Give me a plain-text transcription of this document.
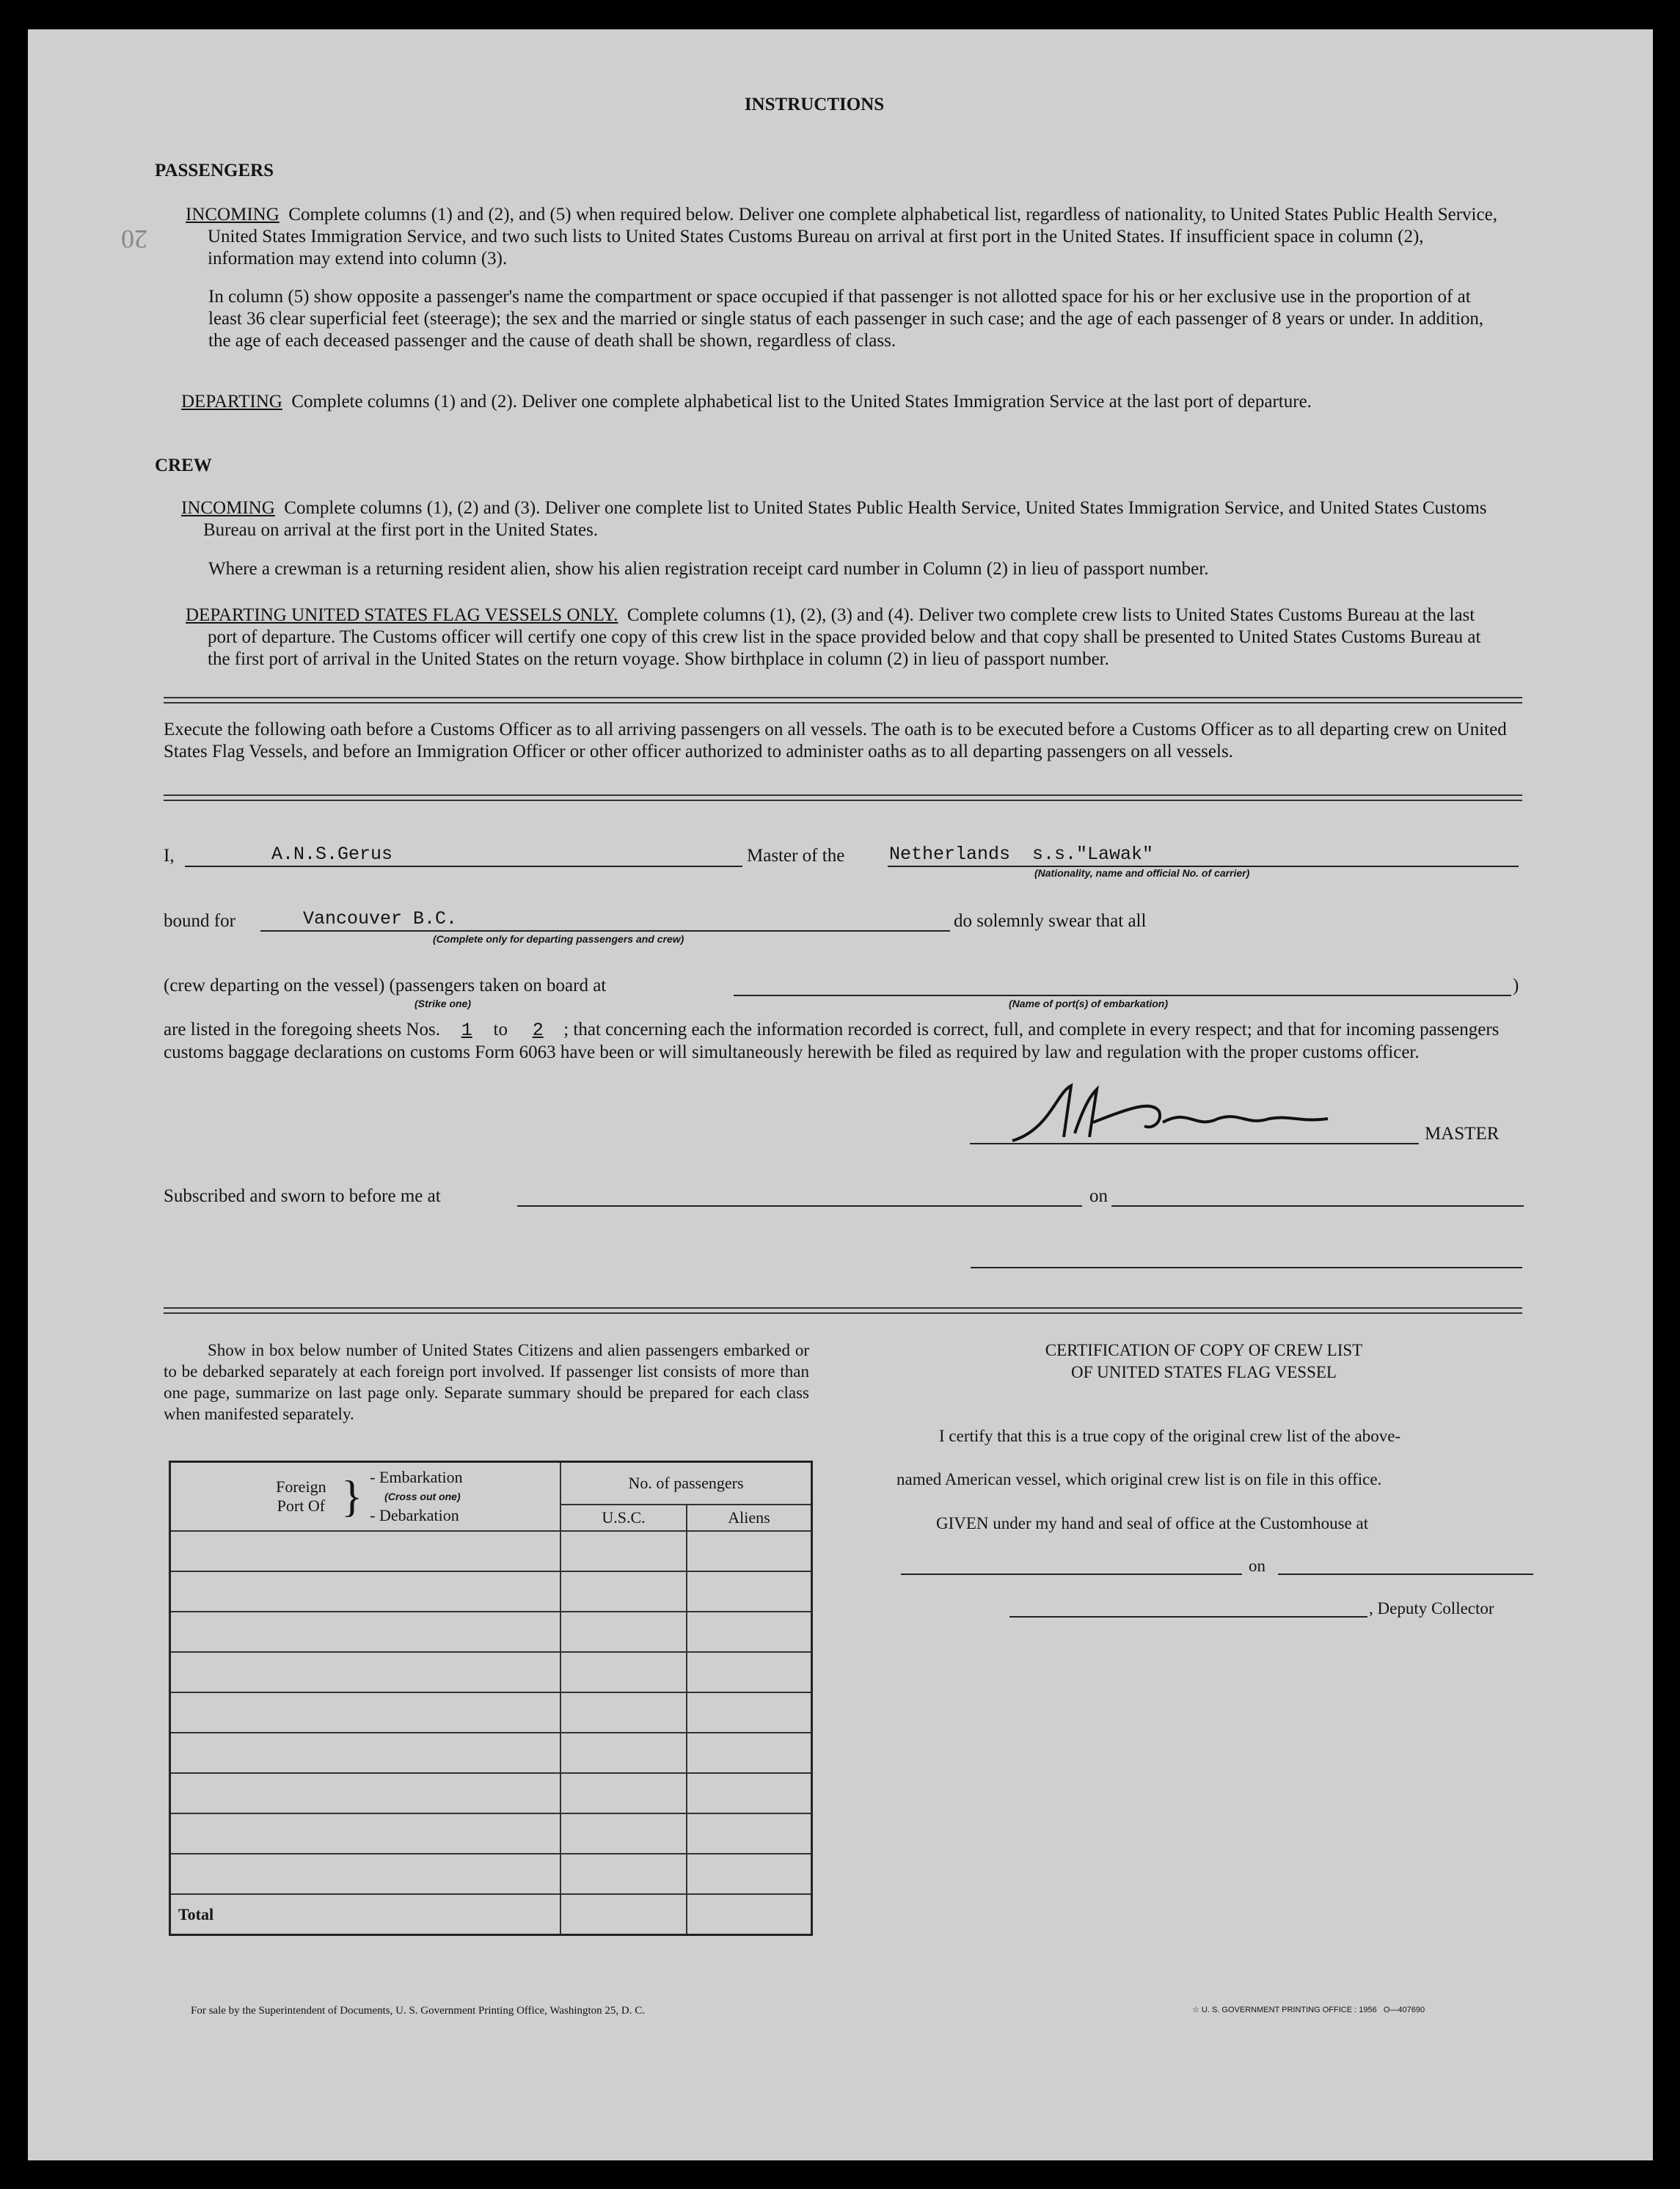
INSTRUCTIONS
20
PASSENGERS
INCOMING Complete columns (1) and (2), and (5) when required below. Deliver one complete alphabetical list, regardless of nationality, to United States Public Health Service, United States Immigration Service, and two such lists to United States Customs Bureau on arrival at first port in the United States. If insufficient space in column (2), information may extend into column (3).
In column (5) show opposite a passenger's name the compartment or space occupied if that passenger is not allotted space for his or her exclusive use in the proportion of at least 36 clear superficial feet (steerage); the sex and the married or single status of each passenger in such case; and the age of each passenger of 8 years or under. In addition, the age of each deceased passenger and the cause of death shall be shown, regardless of class.
DEPARTING Complete columns (1) and (2). Deliver one complete alphabetical list to the United States Immigration Service at the last port of departure.
CREW
INCOMING Complete columns (1), (2) and (3). Deliver one complete list to United States Public Health Service, United States Immigration Service, and United States Customs Bureau on arrival at the first port in the United States.
Where a crewman is a returning resident alien, show his alien registration receipt card number in Column (2) in lieu of passport number.
DEPARTING UNITED STATES FLAG VESSELS ONLY. Complete columns (1), (2), (3) and (4). Deliver two complete crew lists to United States Customs Bureau at the last port of departure. The Customs officer will certify one copy of this crew list in the space provided below and that copy shall be presented to United States Customs Bureau at the first port of arrival in the United States on the return voyage. Show birthplace in column (2) in lieu of passport number.
Execute the following oath before a Customs Officer as to all arriving passengers on all vessels. The oath is to be executed before a Customs Officer as to all departing crew on United States Flag Vessels, and before an Immigration Officer or other officer authorized to administer oaths as to all departing passengers on all vessels.
I,	A.N.S.Gerus	Master of the Netherlands  s.s."Lawak"
(Nationality, name and official No. of carrier)
bound for	Vancouver B.C.	do solemnly swear that all
(Complete only for departing passengers and crew)
(crew departing on the vessel) (passengers taken on board at	)
(Strike one)	(Name of port(s) of embarkation)
are listed in the foregoing sheets Nos. 1 to 2 ; that concerning each the information recorded is correct, full, and complete in every respect; and that for incoming passengers customs baggage declarations on customs Form 6063 have been or will simultaneously herewith be filed as required by law and regulation with the proper customs officer.
MASTER
Subscribed and sworn to before me at	on
Show in box below number of United States Citizens and alien passengers embarked or to be debarked separately at each foreign port involved. If passenger list consists of more than one page, summarize on last page only. Separate summary should be prepared for each class when manifested separately.
Foreign Port Of } - Embarkation
(Cross out one)
- Debarkation	No. of passengers	
	U.S.C.	Aliens

Total		
CERTIFICATION OF COPY OF CREW LIST
OF UNITED STATES FLAG VESSEL
I certify that this is a true copy of the original crew list of the above-
named American vessel, which original crew list is on file in this office.
GIVEN under my hand and seal of office at the Customhouse at
on
, Deputy Collector
For sale by the Superintendent of Documents, U. S. Government Printing Office, Washington 25, D. C.	☆ U. S. GOVERNMENT PRINTING OFFICE : 1956   O—407690
